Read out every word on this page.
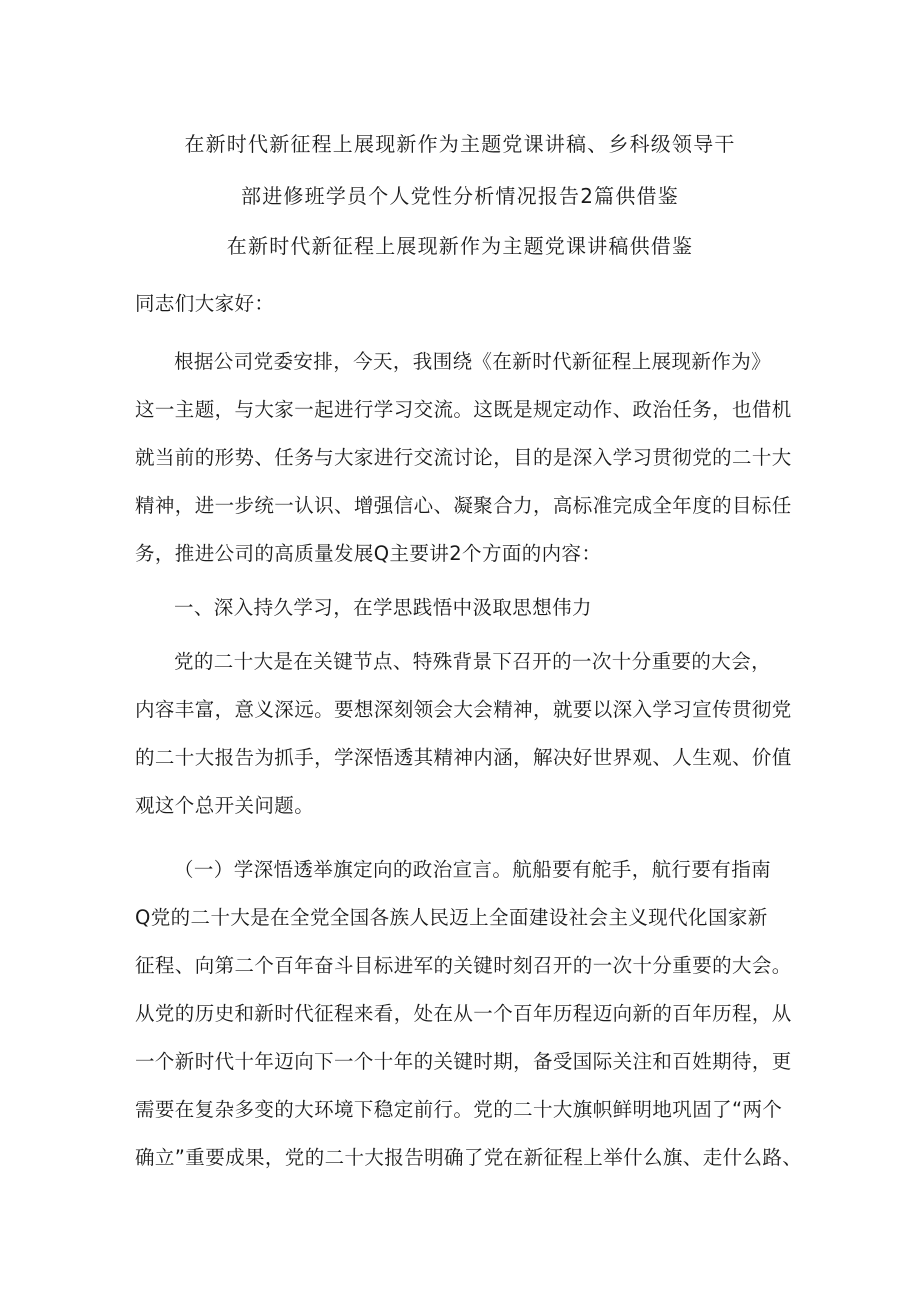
在新时代新征程上展现新作为主题党课讲稿、乡科级领导干
部进修班学员个人党性分析情况报告2篇供借鉴
在新时代新征程上展现新作为主题党课讲稿供借鉴
同志们大家好：
根据公司党委安排，今天，我围绕《在新时代新征程上展现新作为》
这一主题，与大家一起进行学习交流。这既是规定动作、政治任务，也借机
就当前的形势、任务与大家进行交流讨论，目的是深入学习贯彻党的二十大
精神，进一步统一认识、增强信心、凝聚合力，高标准完成全年度的目标任
务，推进公司的高质量发展Q主要讲2个方面的内容：
一、深入持久学习，在学思践悟中汲取思想伟力
党的二十大是在关键节点、特殊背景下召开的一次十分重要的大会，
内容丰富，意义深远。要想深刻领会大会精神，就要以深入学习宣传贯彻党
的二十大报告为抓手，学深悟透其精神内涵，解决好世界观、人生观、价值
观这个总开关问题。
（一）学深悟透举旗定向的政治宣言。航船要有舵手，航行要有指南
Q党的二十大是在全党全国各族人民迈上全面建设社会主义现代化国家新
征程、向第二个百年奋斗目标进军的关键时刻召开的一次十分重要的大会。
从党的历史和新时代征程来看，处在从一个百年历程迈向新的百年历程，从
一个新时代十年迈向下一个十年的关键时期，备受国际关注和百姓期待，更
需要在复杂多变的大环境下稳定前行。党的二十大旗帜鲜明地巩固了“两个
确立”重要成果，党的二十大报告明确了党在新征程上举什么旗、走什么路、
